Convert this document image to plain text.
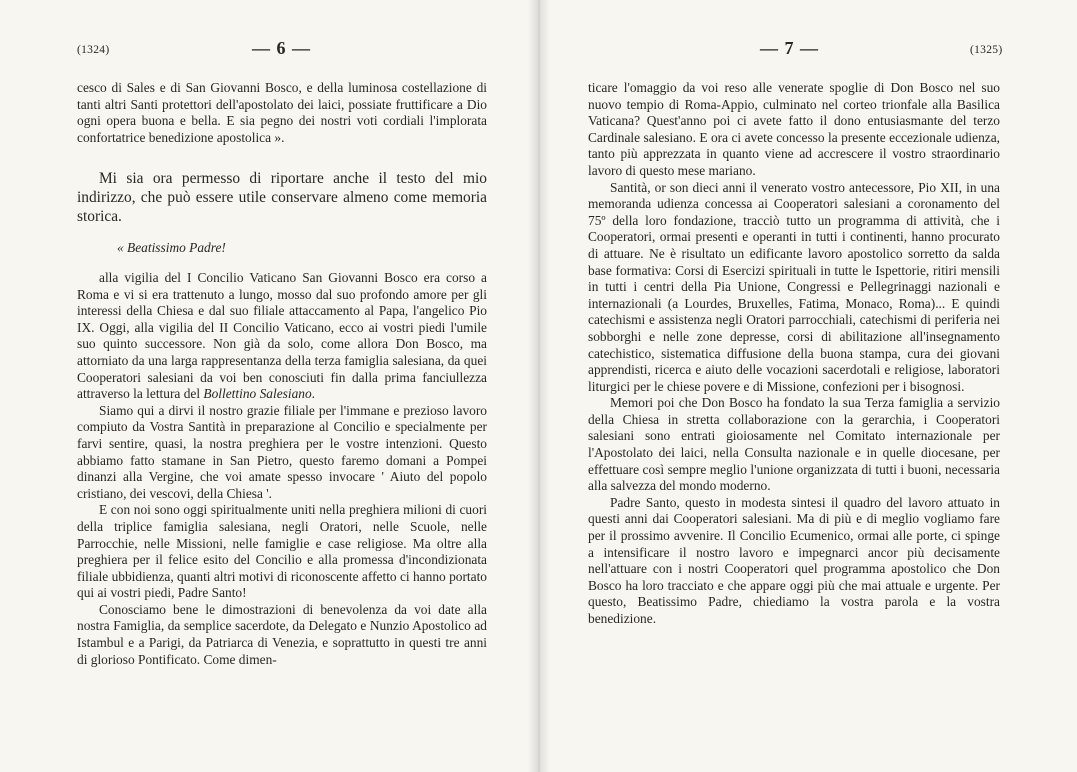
(1324)	— 6 —

cesco di Sales e di San Giovanni Bosco, e della luminosa costellazione di tanti altri Santi protettori dell'apostolato dei laici, possiate fruttificare a Dio ogni opera buona e bella. E sia pegno dei nostri voti cordiali l'implorata confortatrice benedizione apostolica ».

Mi sia ora permesso di riportare anche il testo del mio indirizzo, che può essere utile conservare almeno come memoria storica.

« Beatissimo Padre!

alla vigilia del I Concilio Vaticano San Giovanni Bosco era corso a Roma e vi si era trattenuto a lungo, mosso dal suo profondo amore per gli interessi della Chiesa e dal suo filiale attaccamento al Papa, l'angelico Pio IX. Oggi, alla vigilia del II Concilio Vaticano, ecco ai vostri piedi l'umile suo quinto successore. Non già da solo, come allora Don Bosco, ma attorniato da una larga rappresentanza della terza famiglia salesiana, da quei Cooperatori salesiani da voi ben conosciuti fin dalla prima fanciullezza attraverso la lettura del Bollettino Salesiano.

Siamo qui a dirvi il nostro grazie filiale per l'immane e prezioso lavoro compiuto da Vostra Santità in preparazione al Concilio e specialmente per farvi sentire, quasi, la nostra preghiera per le vostre intenzioni. Questo abbiamo fatto stamane in San Pietro, questo faremo domani a Pompei dinanzi alla Vergine, che voi amate spesso invocare ' Aiuto del popolo cristiano, dei vescovi, della Chiesa '.

E con noi sono oggi spiritualmente uniti nella preghiera milioni di cuori della triplice famiglia salesiana, negli Oratori, nelle Scuole, nelle Parrocchie, nelle Missioni, nelle famiglie e case religiose. Ma oltre alla preghiera per il felice esito del Concilio e alla promessa d'incondizionata filiale ubbidienza, quanti altri motivi di riconoscente affetto ci hanno portato qui ai vostri piedi, Padre Santo!

Conosciamo bene le dimostrazioni di benevolenza da voi date alla nostra Famiglia, da semplice sacerdote, da Delegato e Nunzio Apostolico ad Istambul e a Parigi, da Patriarca di Venezia, e soprattutto in questi tre anni di glorioso Pontificato. Come dimen-

— 7 —	(1325)

ticare l'omaggio da voi reso alle venerate spoglie di Don Bosco nel suo nuovo tempio di Roma-Appio, culminato nel corteo trionfale alla Basilica Vaticana? Quest'anno poi ci avete fatto il dono entusiasmante del terzo Cardinale salesiano. E ora ci avete concesso la presente eccezionale udienza, tanto più apprezzata in quanto viene ad accrescere il vostro straordinario lavoro di questo mese mariano.

Santità, or son dieci anni il venerato vostro antecessore, Pio XII, in una memoranda udienza concessa ai Cooperatori salesiani a coronamento del 75º della loro fondazione, tracciò tutto un programma di attività, che i Cooperatori, ormai presenti e operanti in tutti i continenti, hanno procurato di attuare. Ne è risultato un edificante lavoro apostolico sorretto da salda base formativa: Corsi di Esercizi spirituali in tutte le Ispettorie, ritiri mensili in tutti i centri della Pia Unione, Congressi e Pellegrinaggi nazionali e internazionali (a Lourdes, Bruxelles, Fatima, Monaco, Roma)... E quindi catechismi e assistenza negli Oratori parrocchiali, catechismi di periferia nei sobborghi e nelle zone depresse, corsi di abilitazione all'insegnamento catechistico, sistematica diffusione della buona stampa, cura dei giovani apprendisti, ricerca e aiuto delle vocazioni sacerdotali e religiose, laboratori liturgici per le chiese povere e di Missione, confezioni per i bisognosi.

Memori poi che Don Bosco ha fondato la sua Terza famiglia a servizio della Chiesa in stretta collaborazione con la gerarchia, i Cooperatori salesiani sono entrati gioiosamente nel Comitato internazionale per l'Apostolato dei laici, nella Consulta nazionale e in quelle diocesane, per effettuare così sempre meglio l'unione organizzata di tutti i buoni, necessaria alla salvezza del mondo moderno.

Padre Santo, questo in modesta sintesi il quadro del lavoro attuato in questi anni dai Cooperatori salesiani. Ma di più e di meglio vogliamo fare per il prossimo avvenire. Il Concilio Ecumenico, ormai alle porte, ci spinge a intensificare il nostro lavoro e impegnarci ancor più decisamente nell'attuare con i nostri Cooperatori quel programma apostolico che Don Bosco ha loro tracciato e che appare oggi più che mai attuale e urgente. Per questo, Beatissimo Padre, chiediamo la vostra parola e la vostra benedizione.
